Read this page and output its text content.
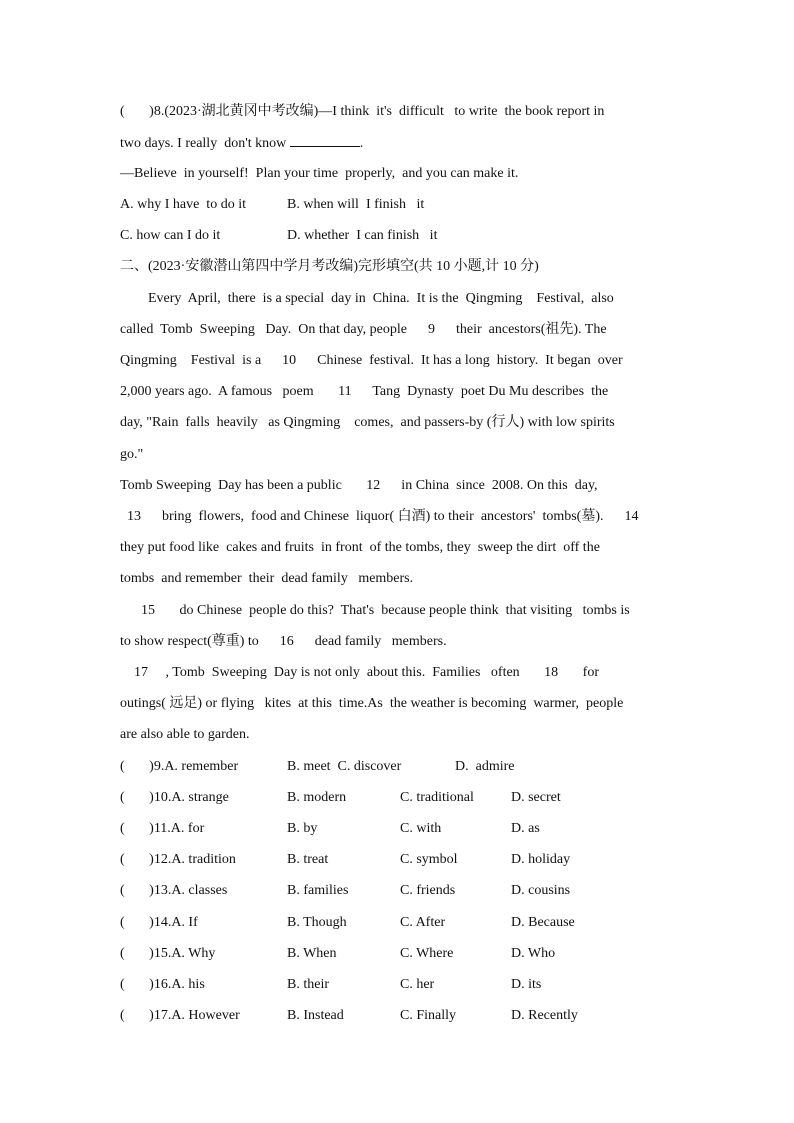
(       )8.(2023·湖北黄冈中考改编)—I think  it's  difficult   to write  the book report in
two days. I really  don't know	.
—Believe  in yourself!  Plan your time  properly,  and you can make it.
A. why I have  to do it	B. when will  I finish   it
C. how can I do it	D. whether  I can finish   it
二、(2023·安徽潜山第四中学月考改编)完形填空(共 10 小题,计 10 分)
Every  April,  there  is a special  day in  China.  It is the  Qingming    Festival,  also
called  Tomb  Sweeping   Day.  On that day, people      9      their  ancestors(祖先). The
Qingming    Festival  is a      10      Chinese  festival.  It has a long  history.  It began  over
2,000 years ago.  A famous   poem       11      Tang  Dynasty  poet Du Mu describes  the
day, "Rain  falls  heavily   as Qingming    comes,  and passers-by (行人) with low spirits
go."
Tomb Sweeping  Day has been a public       12      in China  since  2008. On this  day,
13      bring  flowers,  food and Chinese  liquor( 白酒) to their  ancestors'  tombs(墓).      14
they put food like  cakes and fruits  in front  of the tombs, they  sweep the dirt  off the
tombs  and remember  their  dead family   members.
15       do Chinese  people do this?  That's  because people think  that visiting   tombs is
to show respect(尊重) to      16      dead family   members.
17     , Tomb  Sweeping  Day is not only  about this.  Families   often       18       for
outings( 远足) or flying   kites  at this  time.As  the weather is becoming  warmer,  people
are also able to garden.
(       )9.A. remember	B. meet  C. discover	D.  admire
(       )10.A. strange	B. modern	C. traditional	D. secret
(       )11.A. for	B. by	C. with	D. as
(       )12.A. tradition	B. treat	C. symbol	D. holiday
(       )13.A. classes	B. families	C. friends	D. cousins
(       )14.A. If	B. Though	C. After	D. Because
(       )15.A. Why	B. When	C. Where	D. Who
(       )16.A. his	B. their	C. her	D. its
(       )17.A. However	B. Instead	C. Finally	D. Recently
